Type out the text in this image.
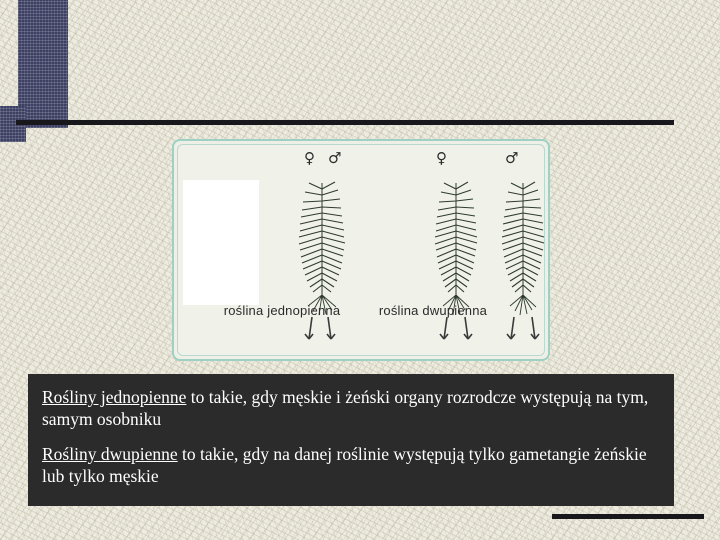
♀ ♂	♀	♂
roślina jednopienna	roślina dwupienna

Rośliny jednopienne to takie, gdy męskie i żeński organy rozrodcze występują na tym, samym osobniku

Rośliny dwupienne to takie, gdy na danej roślinie występują tylko gametangie żeńskie lub tylko męskie
